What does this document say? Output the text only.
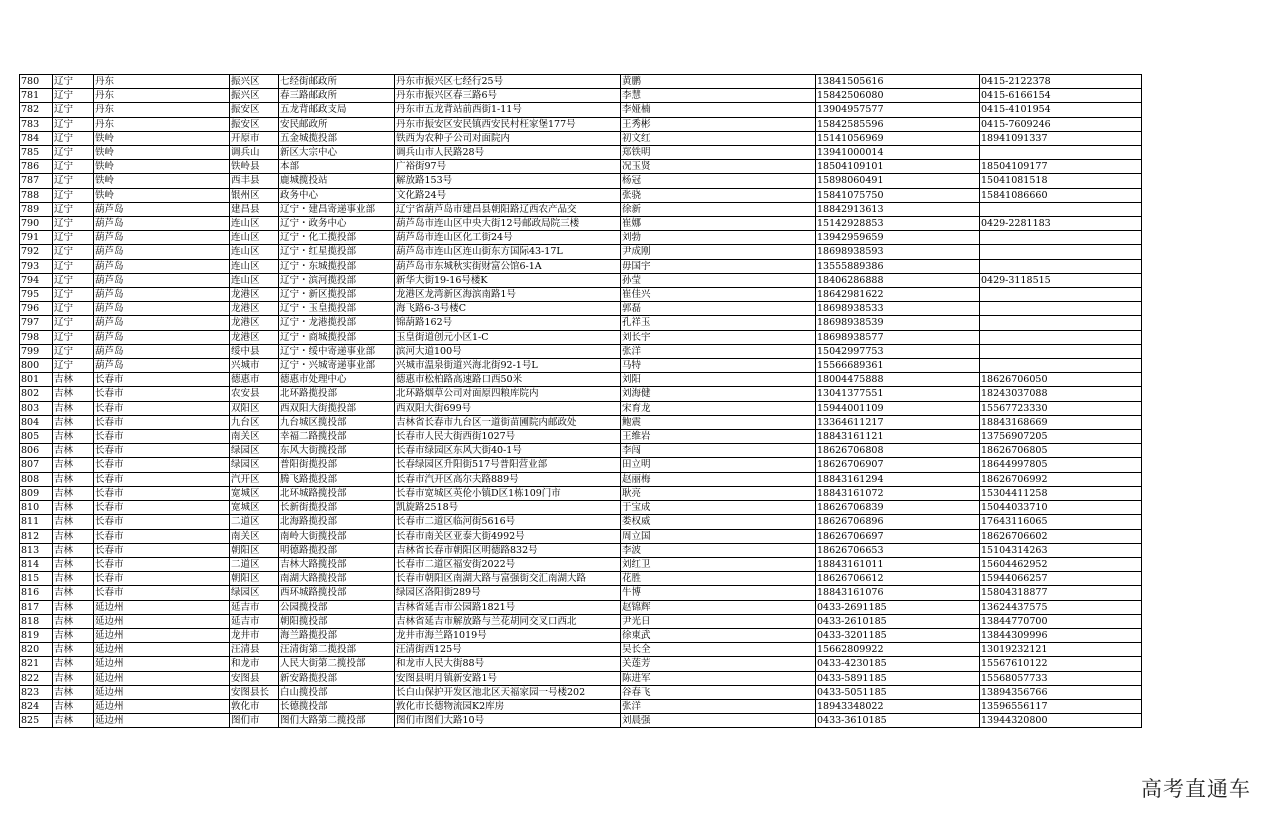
780	辽宁	丹东	振兴区	七经街邮政所	丹东市振兴区七经行25号	黄鹏	13841505616	0415-2122378
781	辽宁	丹东	振兴区	春三路邮政所	丹东市振兴区春三路6号	李慧	15842506080	0415-6166154
782	辽宁	丹东	振安区	五龙背邮政支局	丹东市五龙背站前西街1-11号	李娅楠	13904957577	0415-4101954
783	辽宁	丹东	振安区	安民邮政所	丹东市振安区安民镇西安民村枉家堡177号	王秀彬	15842585596	0415-7609246
784	辽宁	铁岭	开原市	五金城揽投部	铁西为农种子公司对面院内	初文红	15141056969	18941091337
785	辽宁	铁岭	调兵山	新区大宗中心	调兵山市人民路28号	郑铁明	13941000014	
786	辽宁	铁岭	铁岭县	本部	广裕街97号	况玉贤	18504109101	18504109177
787	辽宁	铁岭	西丰县	鹿城揽投站	解放路153号	杨冠	15898060491	15041081518
788	辽宁	铁岭	银州区	政务中心	文化路24号	张骁	15841075750	15841086660
789	辽宁	葫芦岛	建昌县	辽宁・建昌寄递事业部	辽宁省葫芦岛市建昌县朝阳路辽西农产品交	徐新	18842913613	
790	辽宁	葫芦岛	连山区	辽宁・政务中心	葫芦岛市连山区中央大街12号邮政局院三楼	崔娜	15142928853	0429-2281183
791	辽宁	葫芦岛	连山区	辽宁・化工揽投部	葫芦岛市连山区化工街24号	刘勃	13942959659	
792	辽宁	葫芦岛	连山区	辽宁・红星揽投部	葫芦岛市连山区连山街东方国际43-17L	尹成刚	18698938593	
793	辽宁	葫芦岛	连山区	辽宁・东城揽投部	葫芦岛市东城秋实街财富公馆6-1A	毋国宇	13555889386	
794	辽宁	葫芦岛	连山区	辽宁・滨河揽投部	新华大街19-16号楼K	孙莹	18406286888	0429-3118515
795	辽宁	葫芦岛	龙港区	辽宁・新区揽投部	龙港区龙湾新区海滨南路1号	崔佳兴	18642981622	
796	辽宁	葫芦岛	龙港区	辽宁・玉皇揽投部	海飞路6-3号楼C	郭磊	18698938533	
797	辽宁	葫芦岛	龙港区	辽宁・龙港揽投部	锦葫路162号	孔祥玉	18698938539	
798	辽宁	葫芦岛	龙港区	辽宁・商城揽投部	玉皇街道创元小区1-C	刘长宇	18698938577	
799	辽宁	葫芦岛	绥中县	辽宁・绥中寄递事业部	滨河大道100号	张洋	15042997753	
800	辽宁	葫芦岛	兴城市	辽宁・兴城寄递事业部	兴城市温泉街道兴海北街92-1号L	马特	15566689361	
801	吉林	长春市	德惠市	德惠市处理中心	德惠市松柏路高速路口西50米	刘阳	18004475888	18626706050
802	吉林	长春市	农安县	北环路揽投部	北环路烟草公司对面原四粮库院内	刘海健	13041377551	18243037088
803	吉林	长春市	双阳区	西双阳大街揽投部	西双阳大街699号	宋育龙	15944001109	15567723330
804	吉林	长春市	九台区	九台城区揽投部	吉林省长春市九台区一道街苗圃院内邮政处	鲍震	13364611217	18843168669
805	吉林	长春市	南关区	幸福二路揽投部	长春市人民大街西街1027号	王维岩	18843161121	13756907205
806	吉林	长春市	绿园区	东风大街揽投部	长春市绿园区东风大街40-1号	李闯	18626706808	18626706805
807	吉林	长春市	绿园区	普阳街揽投部	长春绿园区升阳街517号普阳营业部	田立明	18626706907	18644997805
808	吉林	长春市	汽开区	腾飞路揽投部	长春市汽开区高尔夫路889号	赵丽梅	18843161294	18626706992
809	吉林	长春市	宽城区	北环城路揽投部	长春市宽城区英伦小镇D区1栋109门市	耿亮	18843161072	15304411258
810	吉林	长春市	宽城区	长新街揽投部	凯旋路2518号	于宝成	18626706839	15044033710
811	吉林	长春市	二道区	北海路揽投部	长春市二道区临河街5616号	娄权威	18626706896	17643116065
812	吉林	长春市	南关区	南岭大街揽投部	长春市南关区亚泰大街4992号	周立国	18626706697	18626706602
813	吉林	长春市	朝阳区	明德路揽投部	吉林省长春市朝阳区明德路832号	李波	18626706653	15104314263
814	吉林	长春市	二道区	吉林大路揽投部	长春市二道区福安街2022号	刘红卫	18843161011	15604462952
815	吉林	长春市	朝阳区	南湖大路揽投部	长春市朝阳区南湖大路与富强街交汇南湖大路	花胜	18626706612	15944066257
816	吉林	长春市	绿园区	西环城路揽投部	绿园区洛阳街289号	牛博	18843161076	15804318877
817	吉林	延边州	延吉市	公园揽投部	吉林省延吉市公园路1821号	赵锦辉	0433-2691185	13624437575
818	吉林	延边州	延吉市	朝阳揽投部	吉林省延吉市解放路与兰花胡同交叉口西北	尹光日	0433-2610185	13844770700
819	吉林	延边州	龙井市	海兰路揽投部	龙井市海兰路1019号	徐東武	0433-3201185	13844309996
820	吉林	延边州	汪清县	汪清街第二揽投部	汪清街西125号	吴长全	15662809922	13019232121
821	吉林	延边州	和龙市	人民大街第二揽投部	和龙市人民大街88号	关莲芳	0433-4230185	15567610122
822	吉林	延边州	安图县	新安路揽投部	安图县明月镇新安路1号	陈进军	0433-5891185	15568057733
823	吉林	延边州	安图县长	白山揽投部	长白山保护开发区池北区天福家园一号楼202	谷春飞	0433-5051185	13894356766
824	吉林	延边州	敦化市	长德揽投部	敦化市长德物流园K2库房	张洋	18943348022	13596556117
825	吉林	延边州	图们市	图们大路第二揽投部	图们市图们大路10号	刘晨强	0433-3610185	13944320800
高考直通车
